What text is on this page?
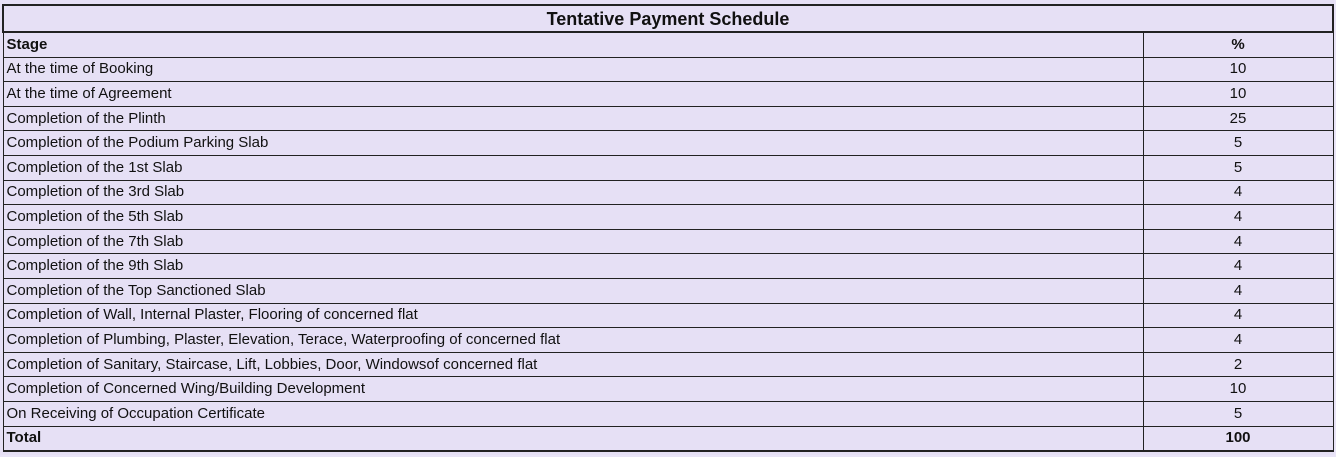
Tentative Payment Schedule	
Stage	%
At the time of Booking	10
At the time of Agreement	10
Completion of the Plinth	25
Completion of the Podium Parking Slab	5
Completion of the 1st Slab	5
Completion of the 3rd Slab	4
Completion of the 5th Slab	4
Completion of the 7th Slab	4
Completion of the 9th Slab	4
Completion of the Top Sanctioned Slab	4
Completion of Wall, Internal Plaster, Flooring of concerned flat	4
Completion of Plumbing, Plaster, Elevation, Terace, Waterproofing of concerned flat	4
Completion of Sanitary, Staircase, Lift, Lobbies, Door, Windowsof concerned flat	2
Completion of Concerned Wing/Building Development	10
On Receiving of Occupation Certificate	5
Total	100
